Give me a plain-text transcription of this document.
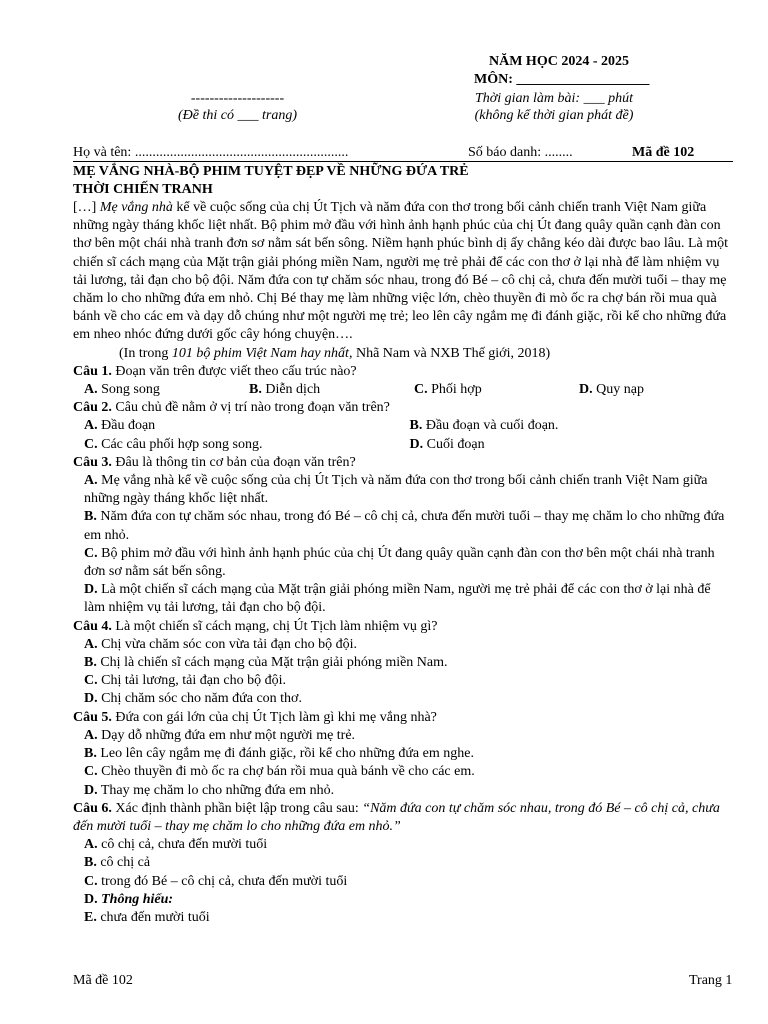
NĂM HỌC 2024 - 2025
MÔN: ___________________
--------------------	Thời gian làm bài: ___ phút
(Đề thi có ___ trang)	(không kể thời gian phát đề)
Họ và tên: .............................................................	Số báo danh: ........	Mã đề 102

MẸ VẮNG NHÀ-BỘ PHIM TUYỆT ĐẸP VỀ NHỮNG ĐỨA TRẺ

THỜI CHIẾN TRANH

[…] Mẹ vắng nhà kể về cuộc sống của chị Út Tịch và năm đứa con thơ trong bối cảnh chiến tranh Việt Nam giữa những ngày tháng khốc liệt nhất. Bộ phim mở đầu với hình ảnh hạnh phúc của chị Út đang quây quần cạnh đàn con thơ bên một chái nhà tranh đơn sơ nằm sát bến sông. Niềm hạnh phúc bình dị ấy chẳng kéo dài được bao lâu. Là một chiến sĩ cách mạng của Mặt trận giải phóng miền Nam, người mẹ trẻ phải để các con thơ ở lại nhà để làm nhiệm vụ tải lương, tải đạn cho bộ đội. Năm đứa con tự chăm sóc nhau, trong đó Bé – cô chị cả, chưa đến mười tuổi – thay mẹ chăm lo cho những đứa em nhỏ. Chị Bé thay mẹ làm những việc lớn, chèo thuyền đi mò ốc ra chợ bán rồi mua quà bánh về cho các em và dạy dỗ chúng như một người mẹ trẻ; leo lên cây ngắm mẹ đi đánh giặc, rồi kể cho những đứa em nheo nhóc đứng dưới gốc cây hóng chuyện….

(In trong 101 bộ phim Việt Nam hay nhất, Nhã Nam và NXB Thế giới, 2018)

Câu 1. Đoạn văn trên được viết theo cấu trúc nào?

A. Song song	B. Diễn dịch	C. Phối hợp	D. Quy nạp

Câu 2. Câu chủ đề nằm ở vị trí nào trong đoạn văn trên?

A. Đầu đoạn	B. Đầu đoạn và cuối đoạn.
C. Các câu phối hợp song song.	D. Cuối đoạn

Câu 3. Đâu là thông tin cơ bản của đoạn văn trên?

A. Mẹ vắng nhà kể về cuộc sống của chị Út Tịch và năm đứa con thơ trong bối cảnh chiến tranh Việt Nam giữa những ngày tháng khốc liệt nhất.

B. Năm đứa con tự chăm sóc nhau, trong đó Bé – cô chị cả, chưa đến mười tuổi – thay mẹ chăm lo cho những đứa em nhỏ.

C. Bộ phim mở đầu với hình ảnh hạnh phúc của chị Út đang quây quần cạnh đàn con thơ bên một chái nhà tranh đơn sơ nằm sát bến sông.

D. Là một chiến sĩ cách mạng của Mặt trận giải phóng miền Nam, người mẹ trẻ phải để các con thơ ở lại nhà để làm nhiệm vụ tải lương, tải đạn cho bộ đội.

Câu 4. Là một chiến sĩ cách mạng, chị Út Tịch làm nhiệm vụ gì?

A. Chị vừa chăm sóc con vừa tải đạn cho bộ đội.

B. Chị là chiến sĩ cách mạng của Mặt trận giải phóng miền Nam.

C. Chị tải lương, tải đạn cho bộ đội.

D. Chị chăm sóc cho năm đứa con thơ.

Câu 5. Đứa con gái lớn của chị Út Tịch làm gì khi mẹ vắng nhà?

A. Dạy dỗ những đứa em như một người mẹ trẻ.

B. Leo lên cây ngắm mẹ đi đánh giặc, rồi kể cho những đứa em nghe.

C. Chèo thuyền đi mò ốc ra chợ bán rồi mua quà bánh về cho các em.

D. Thay mẹ chăm lo cho những đứa em nhỏ.

Câu 6. Xác định thành phần biệt lập trong câu sau: “Năm đứa con tự chăm sóc nhau, trong đó Bé – cô chị cả, chưa đến mười tuổi – thay mẹ chăm lo cho những đứa em nhỏ.”

A. cô chị cả, chưa đến mười tuổi

B. cô chị cả

C. trong đó Bé – cô chị cả, chưa đến mười tuổi

D. Thông hiểu:

E. chưa đến mười tuổi

Mã đề 102	Trang 1
